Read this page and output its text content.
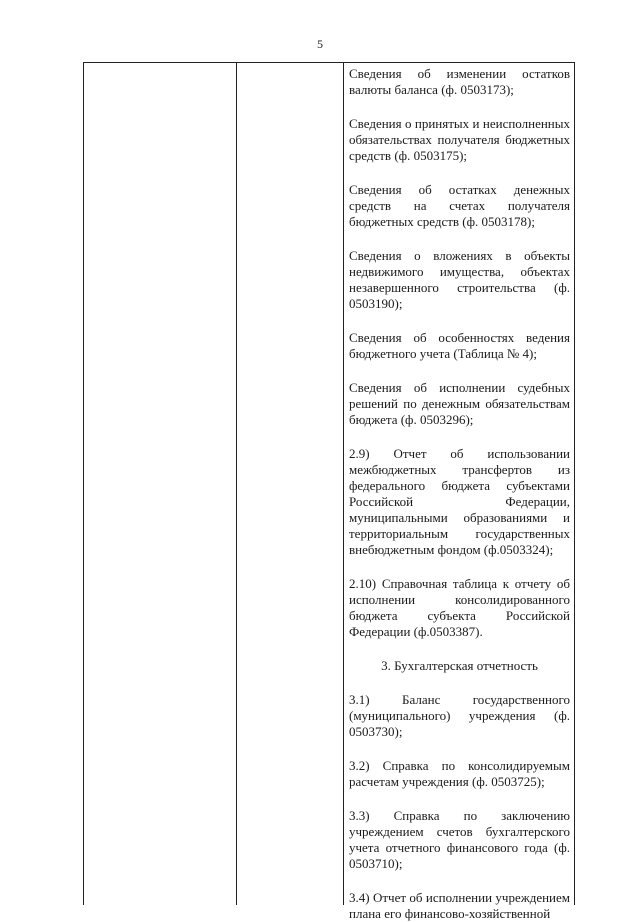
5

Сведения об изменении остатков валюты баланса (ф. 0503173);

Сведения о принятых и неисполненных обязательствах получателя бюджетных средств (ф. 0503175);

Сведения об остатках денежных средств на счетах получателя бюджетных средств (ф. 0503178);

Сведения о вложениях в объекты недвижимого имущества, объектах незавершенного строительства (ф. 0503190);

Сведения об особенностях ведения бюджетного учета (Таблица № 4);

Сведения об исполнении судебных решений по денежным обязательствам бюджета (ф. 0503296);

2.9) Отчет об использовании межбюджетных трансфертов из федерального бюджета субъектами Российской Федерации, муниципальными образованиями и территориальным государственных внебюджетным фондом (ф.0503324);

2.10) Справочная таблица к отчету об исполнении консолидированного бюджета субъекта Российской Федерации (ф.0503387).

3. Бухгалтерская отчетность

3.1) Баланс государственного (муниципального) учреждения (ф. 0503730);

3.2) Справка по консолидируемым расчетам учреждения (ф. 0503725);

3.3) Справка по заключению учреждением счетов бухгалтерского учета отчетного финансового года (ф. 0503710);

3.4) Отчет об исполнении учреждением плана его финансово-хозяйственной
